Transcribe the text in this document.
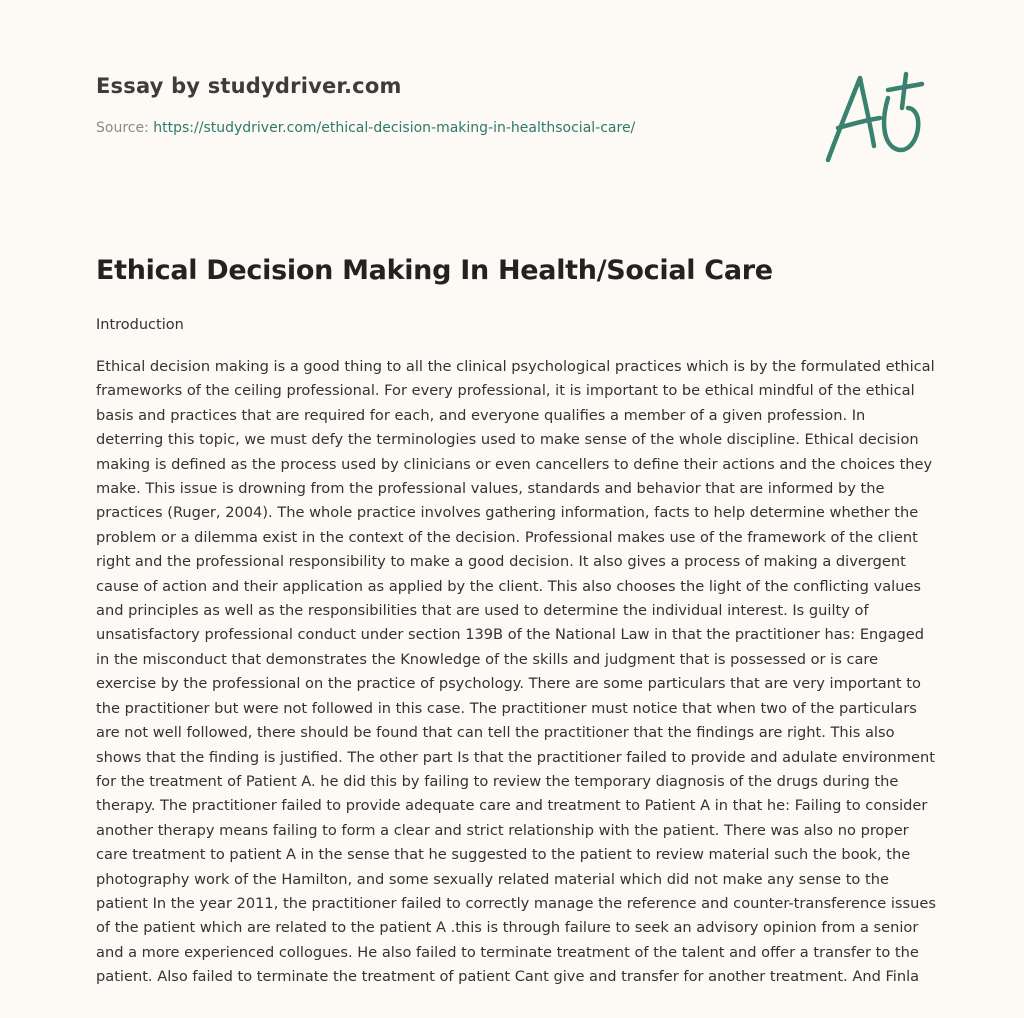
Essay by studydriver.com
Source: https://studydriver.com/ethical-decision-making-in-healthsocial-care/
Ethical Decision Making In Health/Social Care
Introduction

Ethical decision making is a good thing to all the clinical psychological practices which is by the formulated ethical frameworks of the ceiling professional. For every professional, it is important to be ethical mindful of the ethical basis and practices that are required for each, and everyone qualifies a member of a given profession. In deterring this topic, we must defy the terminologies used to make sense of the whole discipline. Ethical decision making is defined as the process used by clinicians or even cancellers to define their actions and the choices they make. This issue is drowning from the professional values, standards and behavior that are informed by the practices (Ruger, 2004). The whole practice involves gathering information, facts to help determine whether the problem or a dilemma exist in the context of the decision. Professional makes use of the framework of the client right and the professional responsibility to make a good decision. It also gives a process of making a divergent cause of action and their application as applied by the client. This also chooses the light of the conflicting values and principles as well as the responsibilities that are used to determine the individual interest. Is guilty of unsatisfactory professional conduct under section 139B of the National Law in that the practitioner has: Engaged in the misconduct that demonstrates the Knowledge of the skills and judgment that is possessed or is care exercise by the professional on the practice of psychology. There are some particulars that are very important to the practitioner but were not followed in this case. The practitioner must notice that when two of the particulars are not well followed, there should be found that can tell the practitioner that the findings are right. This also shows that the finding is justified. The other part Is that the practitioner failed to provide and adulate environment for the treatment of Patient A. he did this by failing to review the temporary diagnosis of the drugs during the therapy. The practitioner failed to provide adequate care and treatment to Patient A in that he: Failing to consider another therapy means failing to form a clear and strict relationship with the patient. There was also no proper care treatment to patient A in the sense that he suggested to the patient to review material such the book, the photography work of the Hamilton, and some sexually related material which did not make any sense to the patient In the year 2011, the practitioner failed to correctly manage the reference and counter-transference issues of the patient which are related to the patient A .this is through failure to seek an advisory opinion from a senior and a more experienced collogues. He also failed to terminate treatment of the talent and offer a transfer to the patient. Also failed to terminate the treatment of patient Cant give and transfer for another treatment. And Finla
